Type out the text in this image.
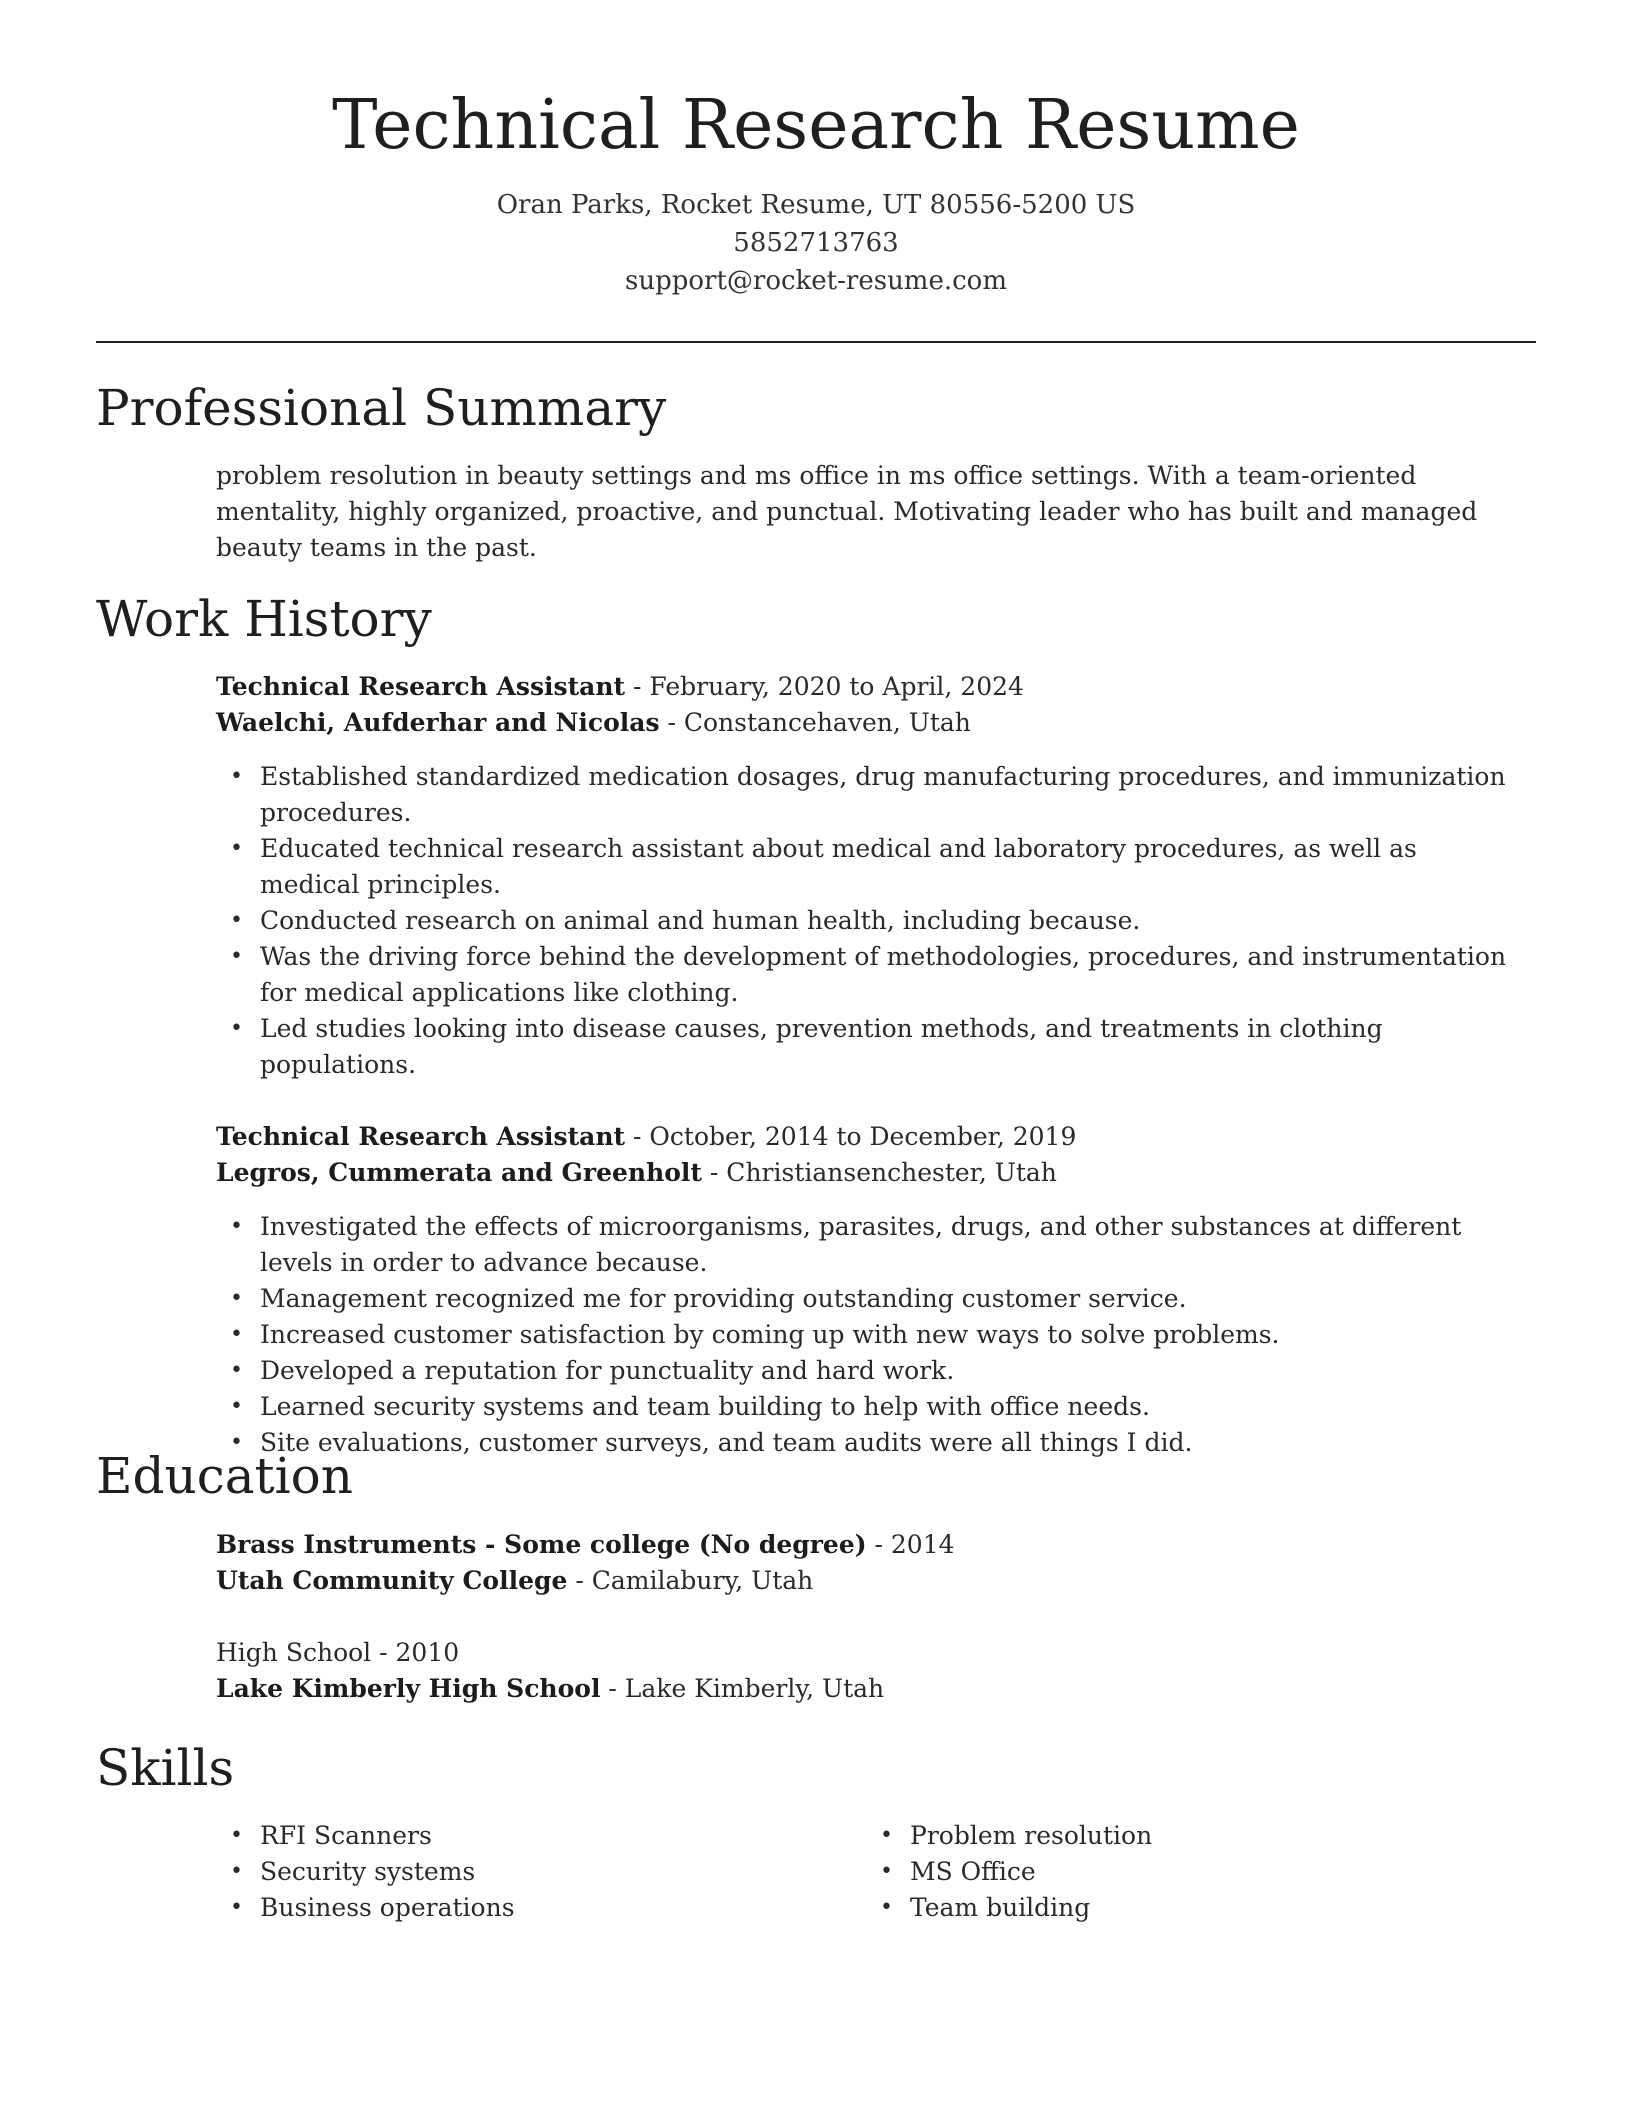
Technical Research Resume
Oran Parks, Rocket Resume, UT 80556-5200 US
5852713763
support@rocket-resume.com
Professional Summary
problem resolution in beauty settings and ms office in ms office settings. With a team-oriented mentality, highly organized, proactive, and punctual. Motivating leader who has built and managed beauty teams in the past.
Work History

Technical Research Assistant - February, 2020 to April, 2024

Waelchi, Aufderhar and Nicolas - Constancehaven, Utah

• Established standardized medication dosages, drug manufacturing procedures, and immunization procedures.
• Educated technical research assistant about medical and laboratory procedures, as well as medical principles.
• Conducted research on animal and human health, including because.
• Was the driving force behind the development of methodologies, procedures, and instrumentation for medical applications like clothing.
• Led studies looking into disease causes, prevention methods, and treatments in clothing populations.

Technical Research Assistant - October, 2014 to December, 2019

Legros, Cummerata and Greenholt - Christiansenchester, Utah

• Investigated the effects of microorganisms, parasites, drugs, and other substances at different levels in order to advance because.
• Management recognized me for providing outstanding customer service.
• Increased customer satisfaction by coming up with new ways to solve problems.
• Developed a reputation for punctuality and hard work.
• Learned security systems and team building to help with office needs.
• Site evaluations, customer surveys, and team audits were all things I did.
Education

Brass Instruments - Some college (No degree) - 2014

Utah Community College - Camilabury, Utah

High School - 2010

Lake Kimberly High School - Lake Kimberly, Utah

Skills
• RFI Scanners
• Security systems
• Business operations
• Problem resolution
• MS Office
• Team building
